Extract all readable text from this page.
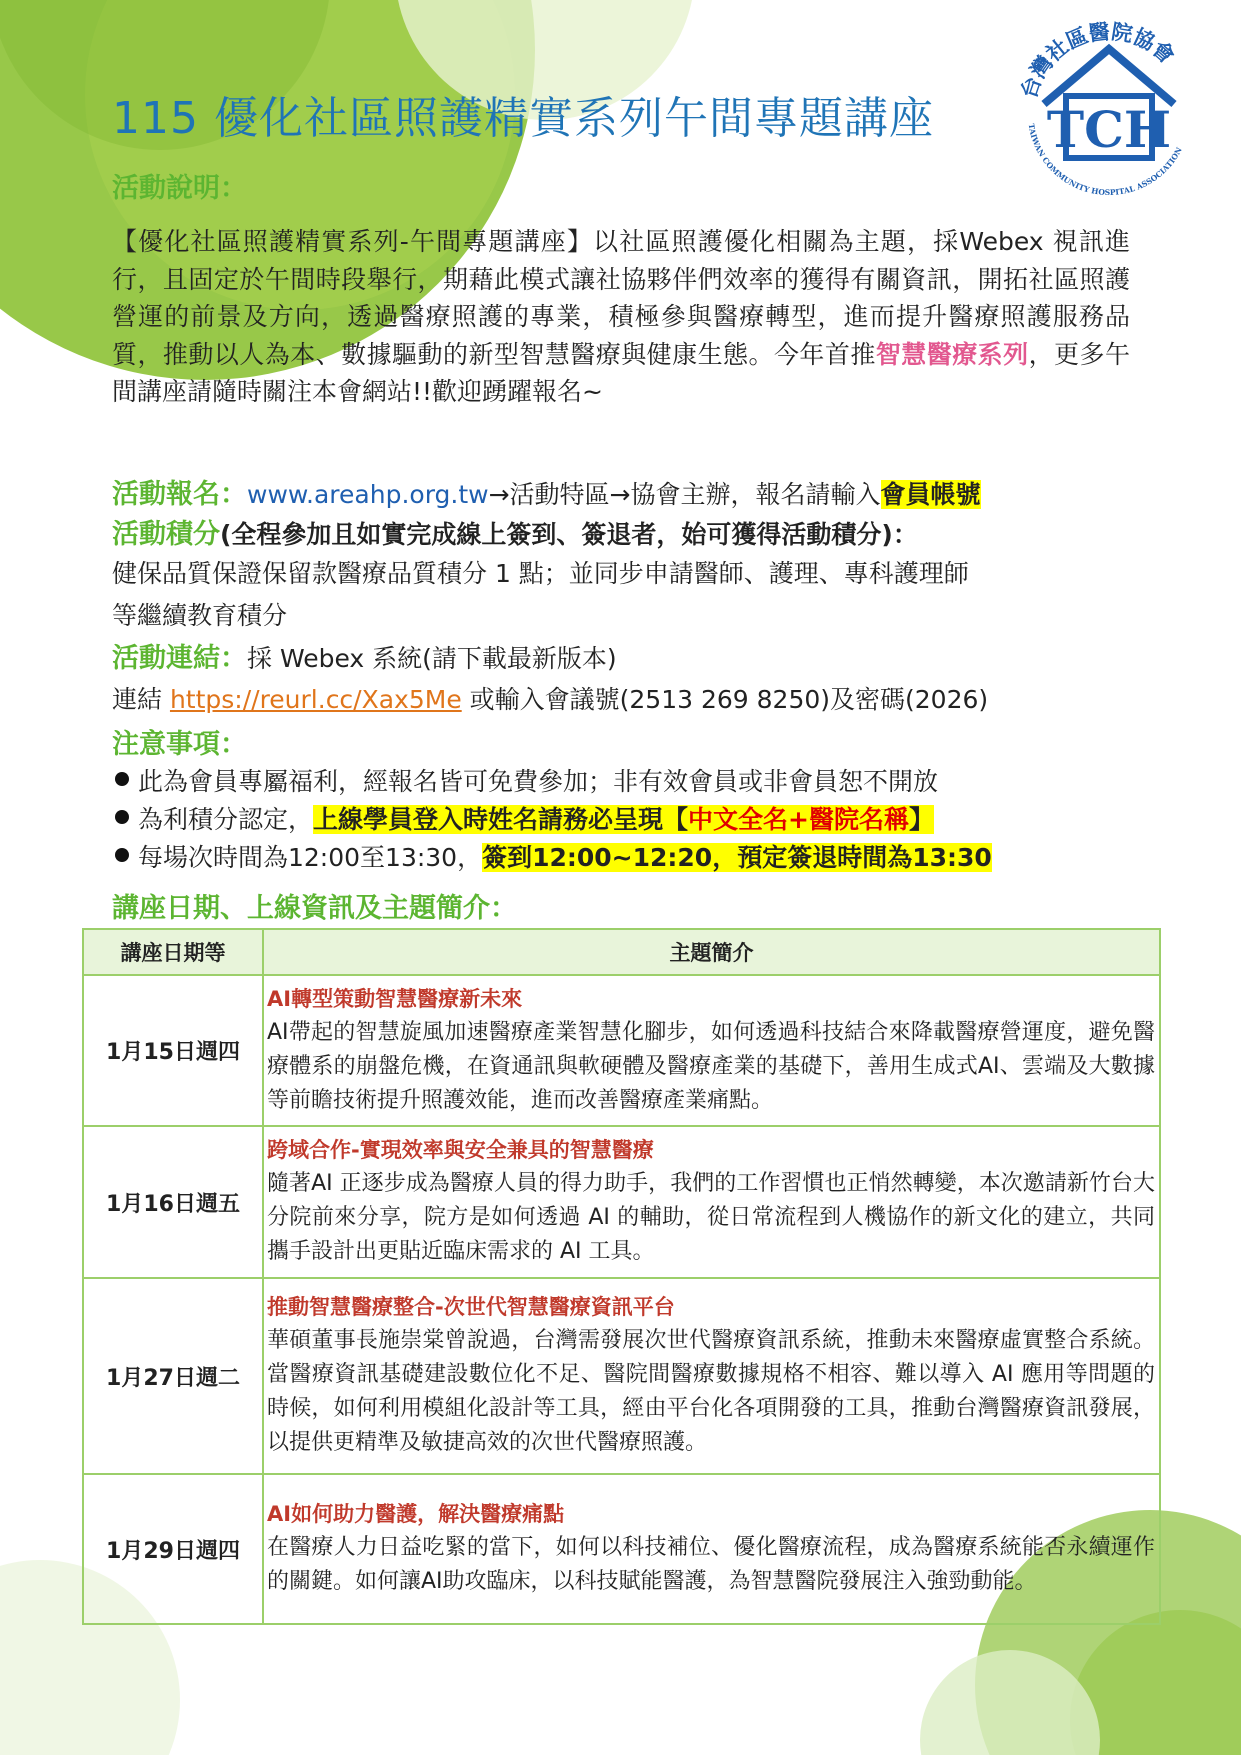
115 優化社區照護精實系列午間專題講座
台灣社區醫院協會
TAIWAN COMMUNITY HOSPITAL ASSOCIATION
TCH
活動說明：
【優化社區照護精實系列-午間專題講座】以社區照護優化相關為主題，採Webex 視訊進行，且固定於午間時段舉行，期藉此模式讓社協夥伴們效率的獲得有關資訊，開拓社區照護營運的前景及方向，透過醫療照護的專業，積極參與醫療轉型，進而提升醫療照護服務品質，推動以人為本、數據驅動的新型智慧醫療與健康生態。今年首推智慧醫療系列，更多午間講座請隨時關注本會網站!!歡迎踴躍報名~
活動報名：www.areahp.org.tw→活動特區→協會主辦，報名請輸入會員帳號
活動積分(全程參加且如實完成線上簽到、簽退者，始可獲得活動積分)：
健保品質保證保留款醫療品質積分 1 點；並同步申請醫師、護理、專科護理師
等繼續教育積分
活動連結：採 Webex 系統(請下載最新版本)
連結 https://reurl.cc/Xax5Me 或輸入會議號(2513 269 8250)及密碼(2026)
注意事項：
此為會員專屬福利，經報名皆可免費參加；非有效會員或非會員恕不開放
為利積分認定，上線學員登入時姓名請務必呈現【中文全名+醫院名稱】
每場次時間為12:00至13:30，簽到12:00~12:20，預定簽退時間為13:30
講座日期、上線資訊及主題簡介：
講座日期等	主題簡介
1月15日週四	AI轉型策動智慧醫療新未來
AI帶起的智慧旋風加速醫療產業智慧化腳步，如何透過科技結合來降載醫療營運度，避免醫療體系的崩盤危機，在資通訊與軟硬體及醫療產業的基礎下，善用生成式AI、雲端及大數據等前瞻技術提升照護效能，進而改善醫療產業痛點。

1月16日週五	跨域合作-實現效率與安全兼具的智慧醫療
隨著AI 正逐步成為醫療人員的得力助手，我們的工作習慣也正悄然轉變，本次邀請新竹台大分院前來分享，院方是如何透過 AI 的輔助，從日常流程到人機協作的新文化的建立，共同攜手設計出更貼近臨床需求的 AI 工具。

1月27日週二	推動智慧醫療整合-次世代智慧醫療資訊平台
華碩董事長施崇棠曾說過，台灣需發展次世代醫療資訊系統，推動未來醫療虛實整合系統。當醫療資訊基礎建設數位化不足、醫院間醫療數據規格不相容、難以導入 AI 應用等問題的時候，如何利用模組化設計等工具，經由平台化各項開發的工具，推動台灣醫療資訊發展，以提供更精準及敏捷高效的次世代醫療照護。

1月29日週四	AI如何助力醫護，解決醫療痛點
在醫療人力日益吃緊的當下，如何以科技補位、優化醫療流程，成為醫療系統能否永續運作的關鍵。如何讓AI助攻臨床，以科技賦能醫護，為智慧醫院發展注入強勁動能。
